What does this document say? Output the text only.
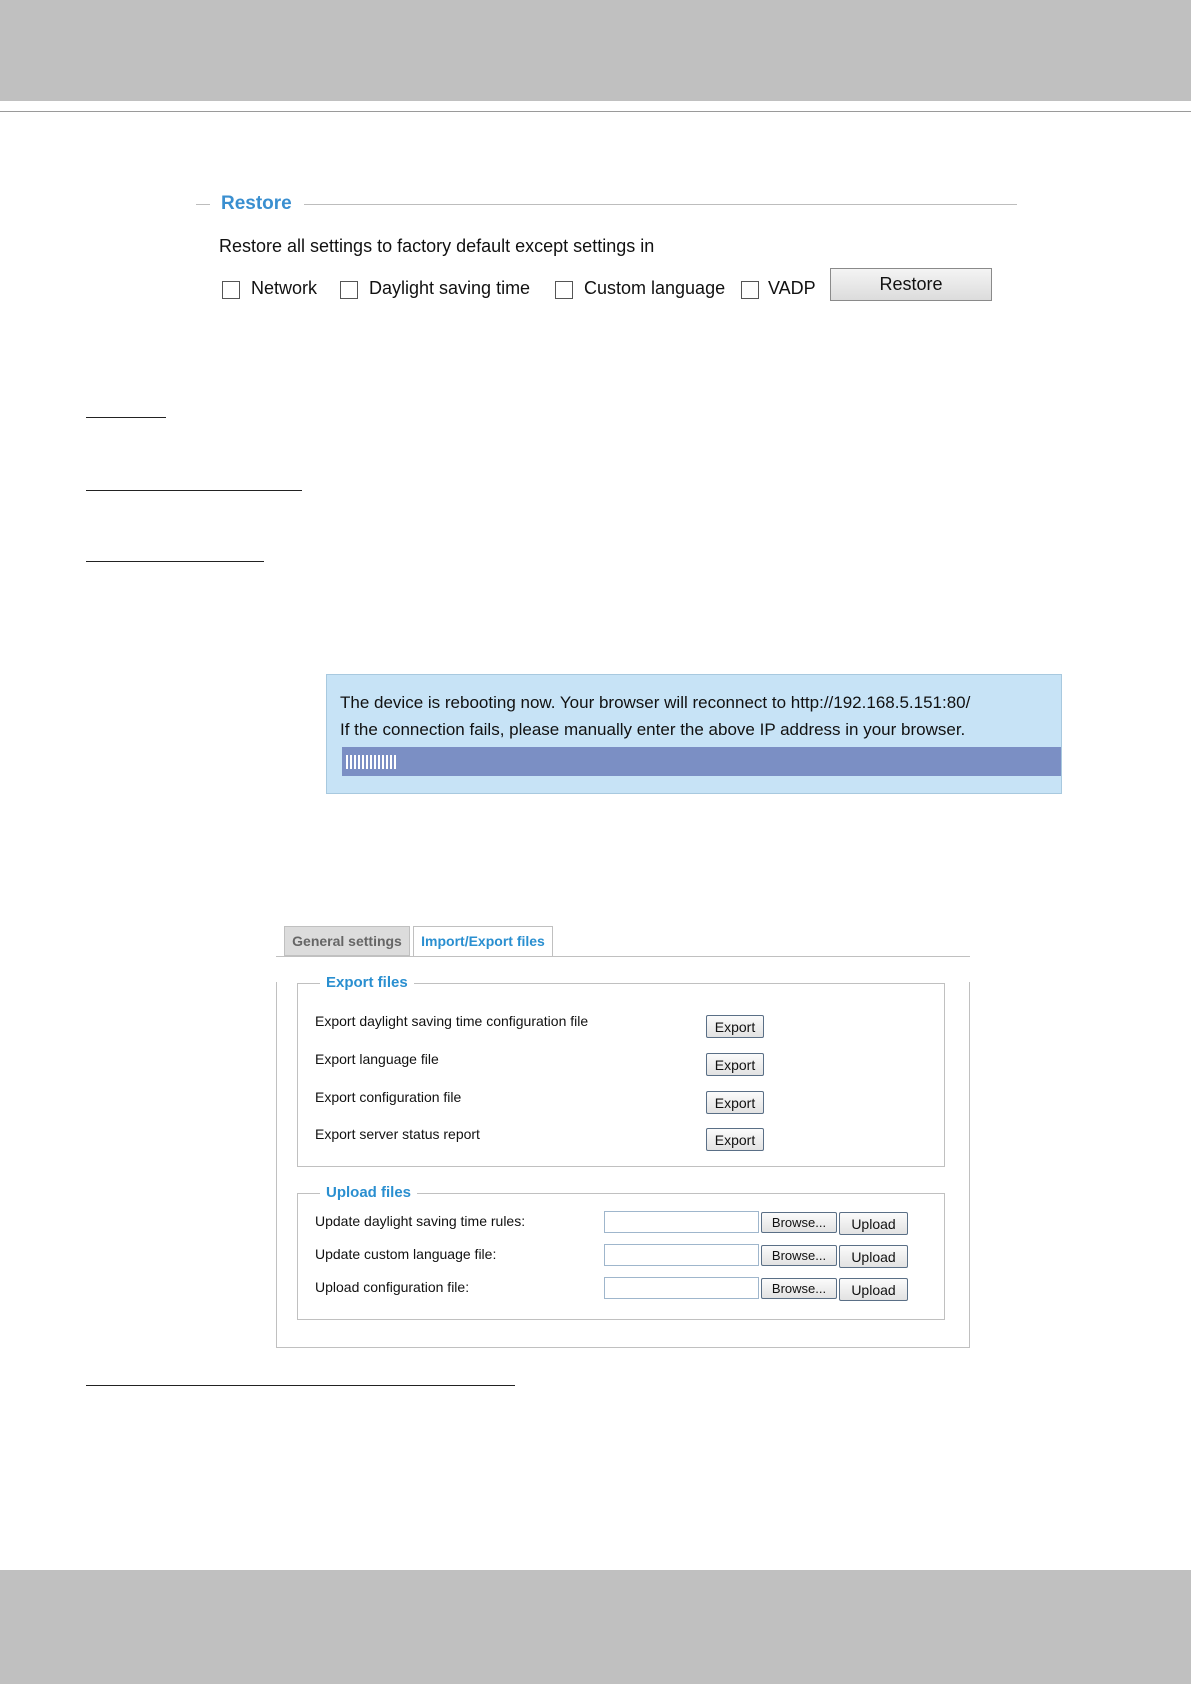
Restore
Restore all settings to factory default except settings in
Network	Daylight saving time	Custom language VADP	Restore
The device is rebooting now. Your browser will reconnect to http://192.168.5.151:80/
If the connection fails, please manually enter the above IP address in your browser.
General settings	Import/Export files
Export files
Export daylight saving time configuration file	Export
Export language file	Export
Export configuration file	Export
Export server status report	Export
Upload files
Update daylight saving time rules:	Browse...	Upload
Update custom language file:	Browse...	Upload
Upload configuration file:	Browse...	Upload
